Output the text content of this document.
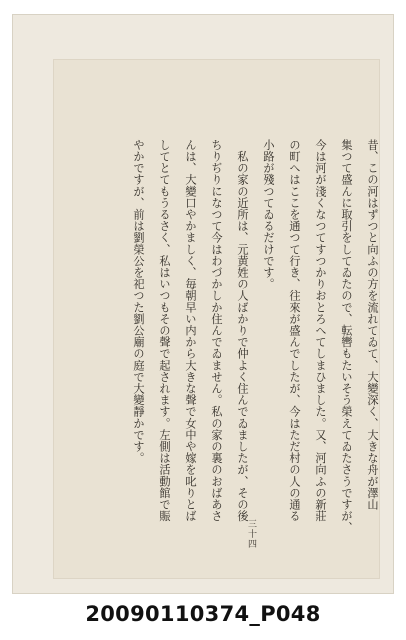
昔、この河はずつと向ふの方を流れてゐて、大變深く、大きな舟が澤山

集つて盛んに取引をしてゐたので、転轡もたいそう榮えてゐたさうですが、

今は河が淺くなつてすつかりおとろへてしまひました。又、河向ふの新莊

の町へはここを通つて行き、往來が盛んでしたが、今はただ村の人の通る

小路が殘つてゐるだけです。

　私の家の近所は、元黄姓の人ばかりで仲よく住んでゐましたが、その後

ちりぢりになつて今はわづかしか住んでゐません。私の家の裏のおばあさ

んは、大變口やかましく、毎朝早い内から大きな聲で女中や嫁を叱りとば

してとてもうるさく、私はいつもその聲で起されます。左側は活動館で賑

やかですが、前は劉榮公を祀つた劉公廟の庭で大變靜かです。

三十四
20090110374_P048
